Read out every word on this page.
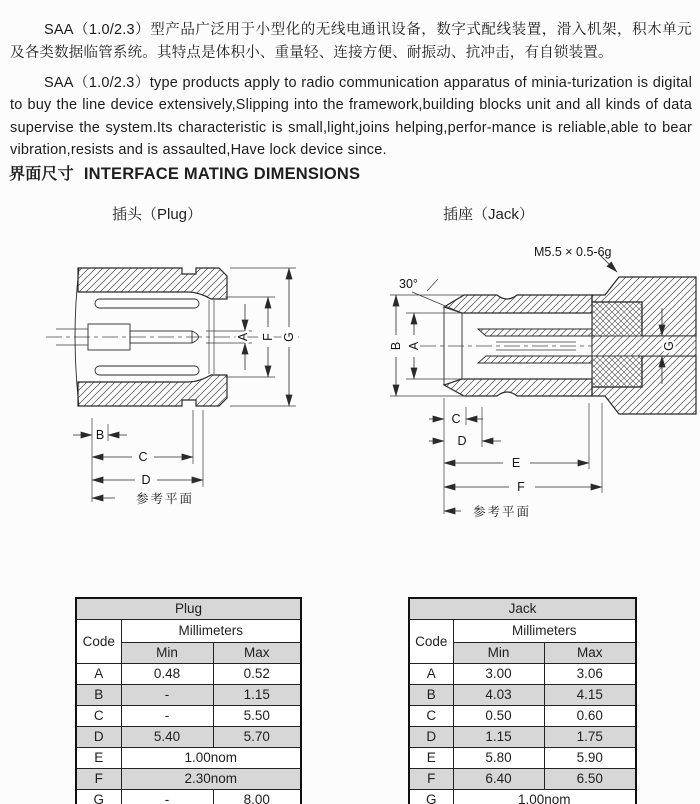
SAA（1.0/2.3）型产品广泛用于小型化的无线电通讯设备，数字式配线装置，滑入机架，积木单元及各类数据临管系统。其特点是体积小、重量轻、连接方便、耐振动、抗冲击，有自锁装置。

SAA（1.0/2.3）type products apply to radio communication apparatus of minia-turization is digital to buy the line device extensively,Slipping into the framework,building blocks unit and all kinds of data supervise the system.Its characteristic is small,light,joins helping,perfor-mance is reliable,able to bear vibration,resists and is assaulted,Have lock device since.

界面尺寸 INTERFACE MATING DIMENSIONS
插头（Plug）	插座（Jack）
A F G
B
C
D
参考平面
30°
M5.5 × 0.5-6g
B A	G
C
D
E
F
参考平面
Plug		
Code	Millimeters	
	Min	Max
A	0.48	0.52
B	-	1.15
C	-	5.50
D	5.40	5.70
E	1.00nom	
F	2.30nom	
G	-	8.00
Jack		
Code	Millimeters	
	Min	Max
A	3.00	3.06
B	4.03	4.15
C	0.50	0.60
D	1.15	1.75
E	5.80	5.90
F	6.40	6.50
G	1.00nom	
